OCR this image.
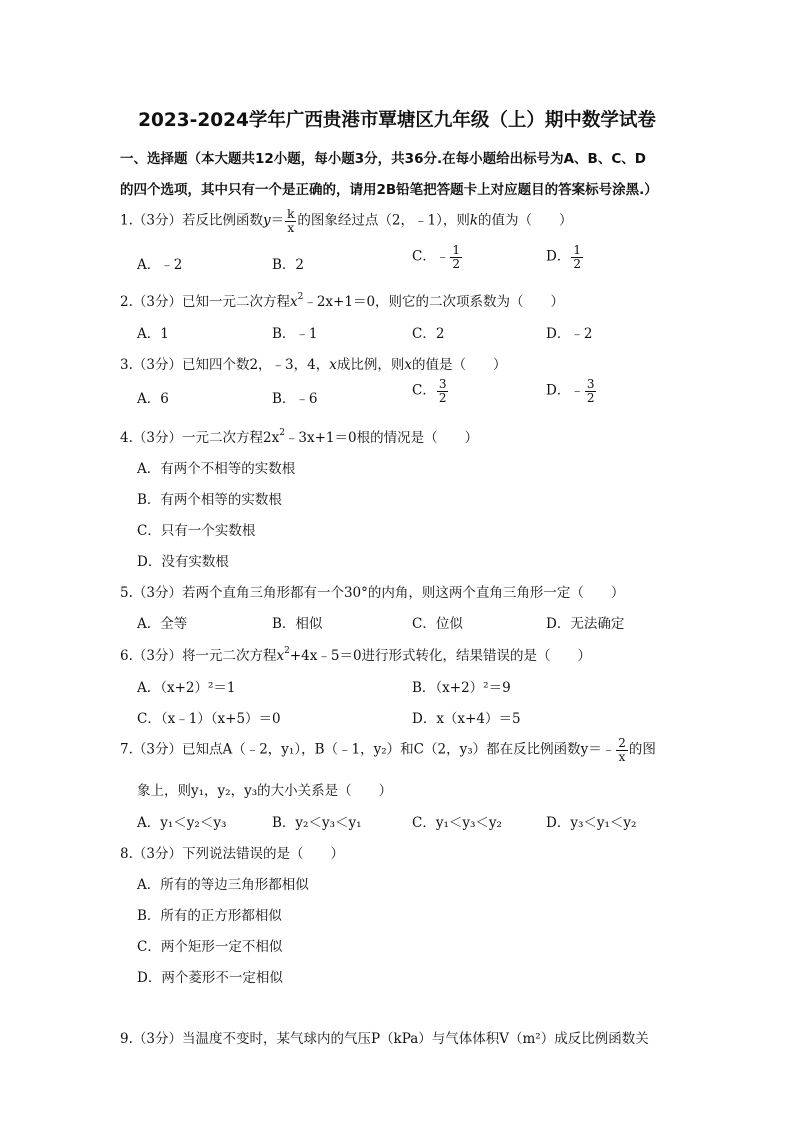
2023-2024学年广西贵港市覃塘区九年级（上）期中数学试卷
一、选择题（本大题共12小题，每小题3分，共36分.在每小题给出标号为A、B、C、D
的四个选项，其中只有一个是正确的，请用2B铅笔把答题卡上对应题目的答案标号涂黑.）
1.（3分）若反比例函数$y= \frac{k}{x}$ 的图象经过点（2，﹣1），则k的值为（　　）
A．﹣2	B．2
C．﹣ $\frac{1}{2}$	D． $\frac{1}{2}$
2.（3分）已知一元二次方程$x^2﹣2x+1=0$，则它的二次项系数为（　　）
A．1	B．﹣1	C．2	D．﹣2
3.（3分）已知四个数2，﹣3，4，x成比例，则x的值是（　　）
A．6	B．﹣6
C． $\frac{3}{2}$	D．﹣ $\frac{3}{2}$
4.（3分）一元二次方程$2x^2﹣3x+1=0$根的情况是（　　）
A．有两个不相等的实数根
B．有两个相等的实数根
C．只有一个实数根
D．没有实数根
5.（3分）若两个直角三角形都有一个30°的内角，则这两个直角三角形一定（　　）
A．全等	B．相似	C．位似	D．无法确定
6.（3分）将一元二次方程$x^2+4x﹣5=0$进行形式转化，结果错误的是（　　）
A．（x+2）²＝1	B．（x+2）²＝9
C．（x﹣1）（x+5）＝0	D．x（x+4）＝5
7.（3分）已知点A（﹣2，y₁），B（﹣1，y₂）和C（2，y₃）都在反比例函数y＝﹣ $\frac{2}{x}$ 的图
象上，则y₁，y₂，y₃的大小关系是（　　）
A．y₁＜y₂＜y₃	B．y₂＜y₃＜y₁	C．y₁＜y₃＜y₂	D．y₃＜y₁＜y₂
8.（3分）下列说法错误的是（　　）
A．所有的等边三角形都相似
B．所有的正方形都相似
C．两个矩形一定不相似
D．两个菱形不一定相似
9.（3分）当温度不变时，某气球内的气压P（kPa）与气体体积V（m²）成反比例函数关
